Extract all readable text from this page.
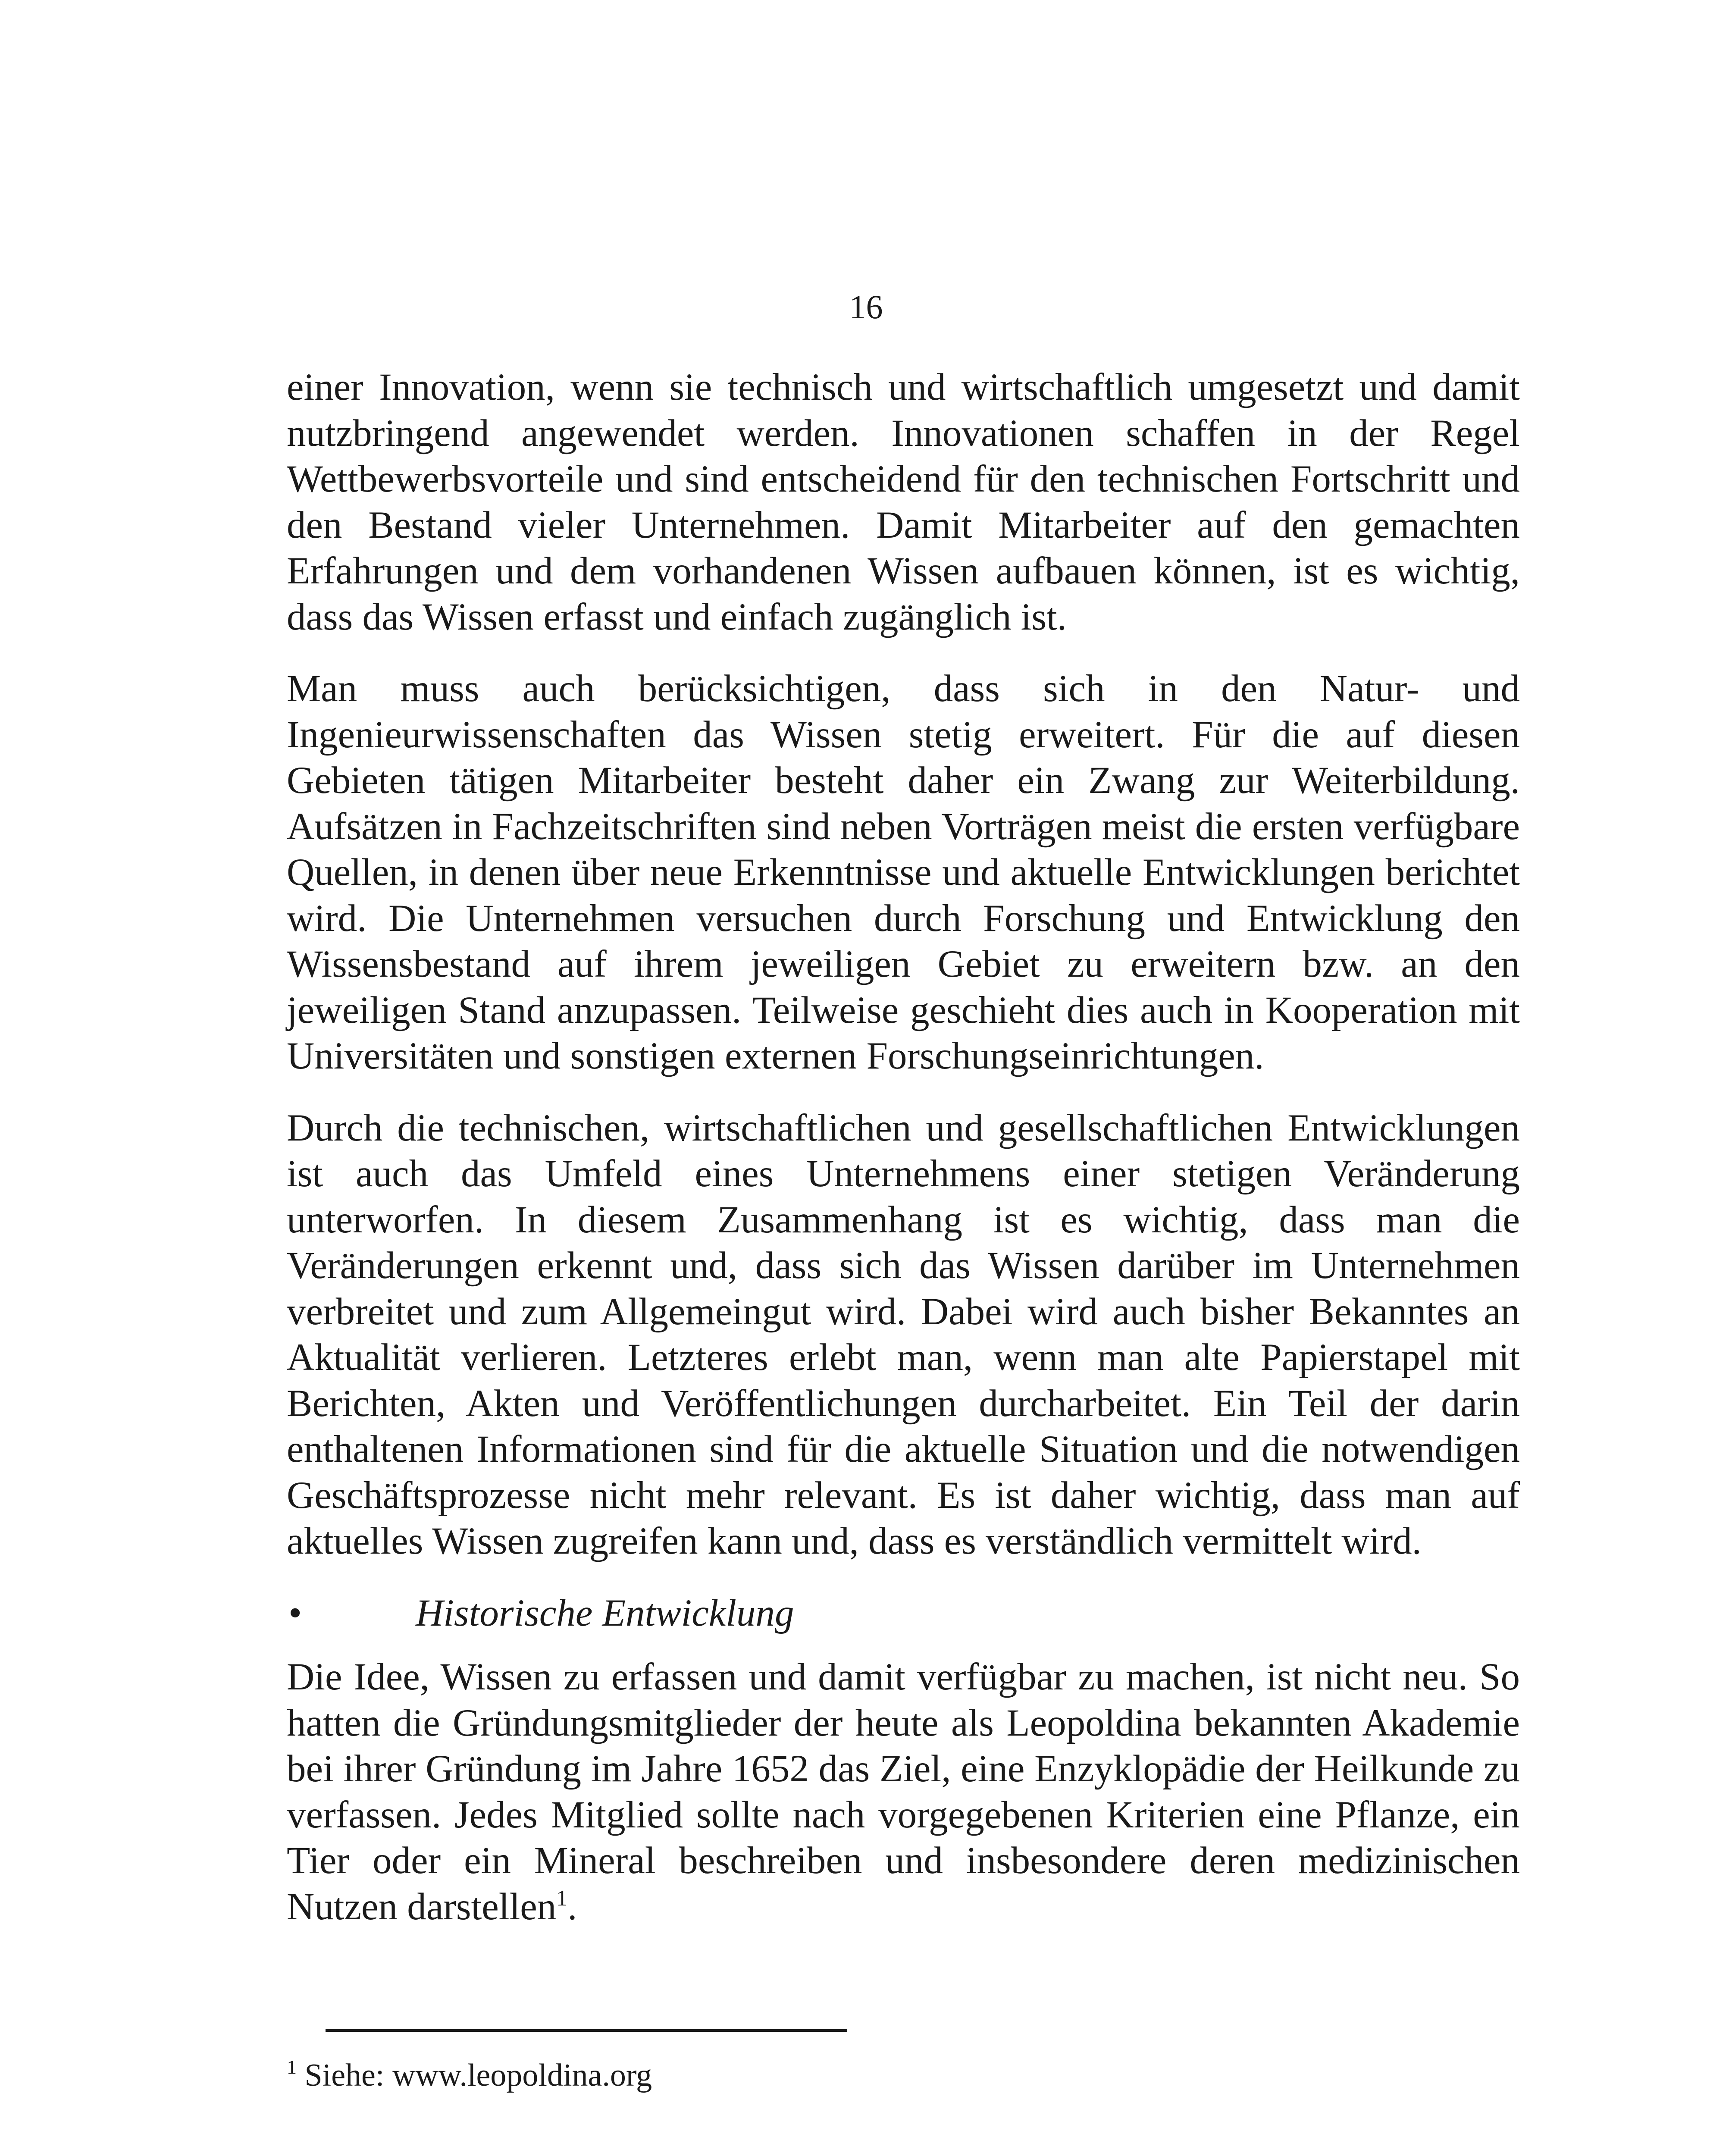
16

einer Innovation, wenn sie technisch und wirtschaftlich umgesetzt und damit nutzbringend angewendet werden. Innovationen schaffen in der Regel Wettbewerbsvorteile und sind entscheidend für den technischen Fortschritt und den Bestand vieler Unternehmen. Damit Mitarbeiter auf den gemachten Erfahrungen und dem vorhandenen Wissen aufbauen können, ist es wichtig, dass das Wissen erfasst und einfach zugänglich ist.

Man muss auch berücksichtigen, dass sich in den Natur- und Ingenieurwissenschaften das Wissen stetig erweitert. Für die auf diesen Gebieten tätigen Mitarbeiter besteht daher ein Zwang zur Weiterbildung. Aufsätzen in Fachzeitschriften sind neben Vorträgen meist die ersten verfügbare Quellen, in denen über neue Erkenntnisse und aktuelle Entwicklungen berichtet wird. Die Unternehmen versuchen durch Forschung und Entwicklung den Wissensbestand auf ihrem jeweiligen Gebiet zu erweitern bzw. an den jeweiligen Stand anzupassen. Teilweise geschieht dies auch in Kooperation mit Universitäten und sonstigen externen Forschungseinrichtungen.

Durch die technischen, wirtschaftlichen und gesellschaftlichen Entwicklungen ist auch das Umfeld eines Unternehmens einer stetigen Veränderung unterworfen. In diesem Zusammenhang ist es wichtig, dass man die Veränderungen erkennt und, dass sich das Wissen darüber im Unternehmen verbreitet und zum Allgemeingut wird. Dabei wird auch bisher Bekanntes an Aktualität verlieren. Letzteres erlebt man, wenn man alte Papierstapel mit Berichten, Akten und Veröffentlichungen durcharbeitet. Ein Teil der darin enthaltenen Informationen sind für die aktuelle Situation und die notwendigen Geschäftsprozesse nicht mehr relevant. Es ist daher wichtig, dass man auf aktuelles Wissen zugreifen kann und, dass es verständlich vermittelt wird.

•	Historische Entwicklung

Die Idee, Wissen zu erfassen und damit verfügbar zu machen, ist nicht neu. So hatten die Gründungsmitglieder der heute als Leopoldina bekannten Akademie bei ihrer Gründung im Jahre 1652 das Ziel, eine Enzyklopädie der Heilkunde zu verfassen. Jedes Mitglied sollte nach vorgegebenen Kriterien eine Pflanze, ein Tier oder ein Mineral beschreiben und insbesondere deren medizinischen Nutzen darstellen$^1$.

$^1$ Siehe: www.leopoldina.org
